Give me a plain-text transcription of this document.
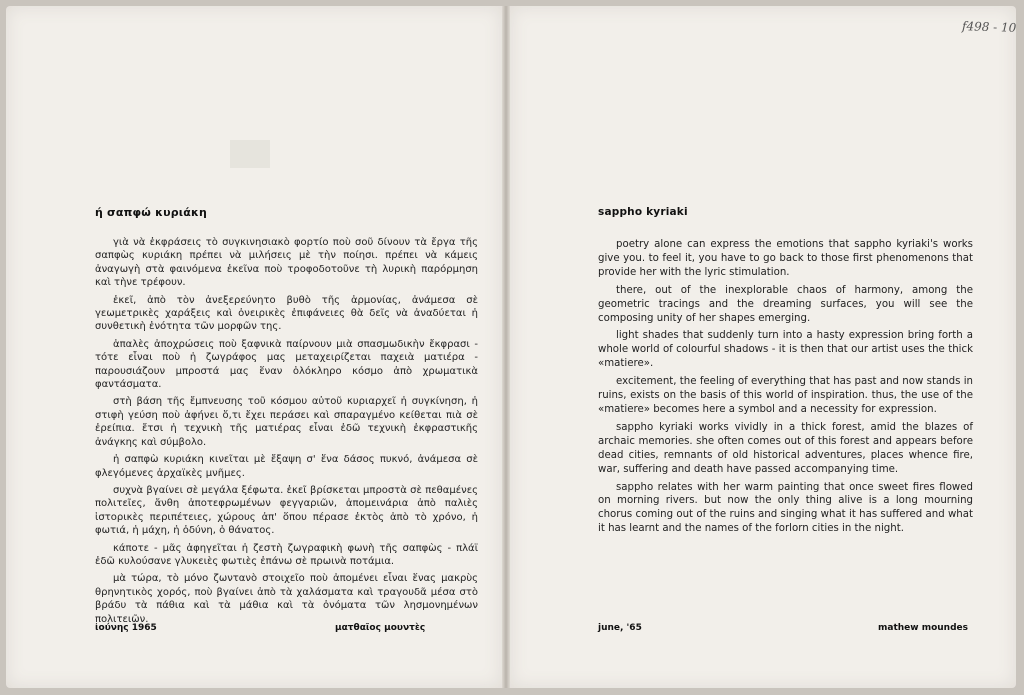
f498 - 10
ή σαπφώ κυριάκη

γιὰ νὰ ἐκφράσεις τὸ συγκινησιακὸ φορτίο ποὺ σοῦ δίνουν τὰ ἔργα τῆς σαπφὼς κυριάκη πρέπει νὰ μιλήσεις μὲ τὴν ποίησι. πρέπει νὰ κάμεις ἀναγωγὴ στὰ φαινόμενα ἐκεῖνα ποὺ τροφοδοτοῦνε τὴ λυρικὴ παρόρμηση καὶ τὴνε τρέφουν.

ἐκεῖ, ἀπὸ τὸν ἀνεξερεύνητο βυθὸ τῆς ἁρμονίας, ἀνάμεσα σὲ γεωμετρικὲς χαράξεις καὶ ὀνειρικὲς ἐπιφάνειες θὰ δεῖς νὰ ἀναδύεται ἡ συνθετικὴ ἑνότητα τῶν μορφῶν της.

ἁπαλὲς ἀποχρώσεις ποὺ ξαφνικὰ παίρνουν μιὰ σπασμωδικὴν ἔκφρασι - τότε εἶναι ποὺ ἡ ζωγράφος μας μεταχειρίζεται παχειὰ ματιέρα - παρουσιάζουν μπροστά μας ἕναν ὁλόκληρο κόσμο ἀπὸ χρωματικὰ φαντάσματα.

στὴ βάση τῆς ἔμπνευσης τοῦ κόσμου αὐτοῦ κυριαρχεῖ ἡ συγκίνηση, ἡ στιφὴ γεύση ποὺ ἀφήνει ὅ,τι ἔχει περάσει καὶ σπαραγμένο κείθεται πιὰ σὲ ἐρείπια. ἔτσι ἡ τεχνικὴ τῆς ματιέρας εἶναι ἐδῶ τεχνικὴ ἐκφραστικῆς ἀνάγκης καὶ σύμβολο.

ἡ σαπφὼ κυριάκη κινεῖται μὲ ἔξαψη σ' ἕνα δάσος πυκνό, ἀνάμεσα σὲ φλεγόμενες ἀρχαϊκὲς μνῆμες.

συχνὰ βγαίνει σὲ μεγάλα ξέφωτα. ἐκεῖ βρίσκεται μπροστὰ σὲ πεθαμένες πολιτεῖες, ἄνθη ἀποτεφρωμένων φεγγαριῶν, ἀπομεινάρια ἀπὸ παλιὲς ἱστορικὲς περιπέτειες, χώρους ἀπ' ὅπου πέρασε ἐκτὸς ἀπὸ τὸ χρόνο, ἡ φωτιά, ἡ μάχη, ἡ ὀδύνη, ὁ θάνατος.

κάποτε - μᾶς ἀφηγεῖται ἡ ζεστὴ ζωγραφικὴ φωνὴ τῆς σαπφὼς - πλάϊ ἐδῶ κυλούσανε γλυκειὲς φωτιὲς ἐπάνω σὲ πρωινὰ ποτάμια.

μὰ τώρα, τὸ μόνο ζωντανὸ στοιχεῖο ποὺ ἀπομένει εἶναι ἕνας μακρὺς θρηνητικὸς χορός, ποὺ βγαίνει ἀπὸ τὰ χαλάσματα καὶ τραγουδᾶ μέσα στὸ βράδυ τὰ πάθια καὶ τὰ μάθια καὶ τὰ ὀνόματα τῶν λησμονημένων πολιτειῶν.

ἰούνης 1965	ματθαῖος μουντὲς
sappho kyriaki

poetry alone can express the emotions that sappho kyriaki's works give you. to feel it, you have to go back to those first phenomenons that provide her with the lyric stimulation.

there, out of the inexplorable chaos of harmony, among the geometric tracings and the dreaming surfaces, you will see the composing unity of her shapes emerging.

light shades that suddenly turn into a hasty expression bring forth a whole world of colourful shadows - it is then that our artist uses the thick «matiere».

excitement, the feeling of everything that has past and now stands in ruins, exists on the basis of this world of inspiration. thus, the use of the «matiere» becomes here a symbol and a necessity for expression.

sappho kyriaki works vividly in a thick forest, amid the blazes of archaic memories. she often comes out of this forest and appears before dead cities, remnants of old historical adventures, places whence fire, war, suffering and death have passed accompanying time.

sappho relates with her warm painting that once sweet fires flowed on morning rivers. but now the only thing alive is a long mourning chorus coming out of the ruins and singing what it has suffered and what it has learnt and the names of the forlorn cities in the night.

june, '65	mathew moundes
